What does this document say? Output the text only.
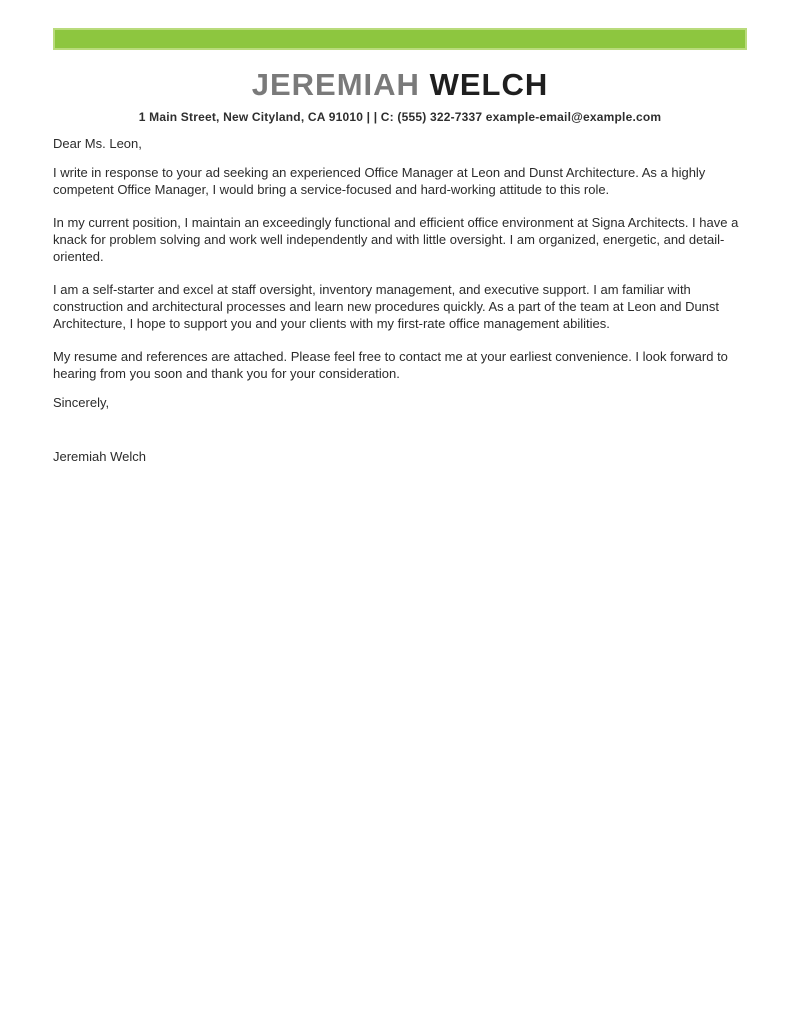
JEREMIAH WELCH
1 Main Street, New Cityland, CA 91010 | | C: (555) 322-7337 example-email@example.com

Dear Ms. Leon,

I write in response to your ad seeking an experienced Office Manager at Leon and Dunst Architecture. As a highly competent Office Manager, I would bring a service-focused and hard-working attitude to this role.

In my current position, I maintain an exceedingly functional and efficient office environment at Signa Architects. I have a knack for problem solving and work well independently and with little oversight. I am organized, energetic, and detail-oriented.

I am a self-starter and excel at staff oversight, inventory management, and executive support. I am familiar with construction and architectural processes and learn new procedures quickly. As a part of the team at Leon and Dunst Architecture, I hope to support you and your clients with my first-rate office management abilities.

My resume and references are attached. Please feel free to contact me at your earliest convenience. I look forward to hearing from you soon and thank you for your consideration.

Sincerely,

Jeremiah Welch
